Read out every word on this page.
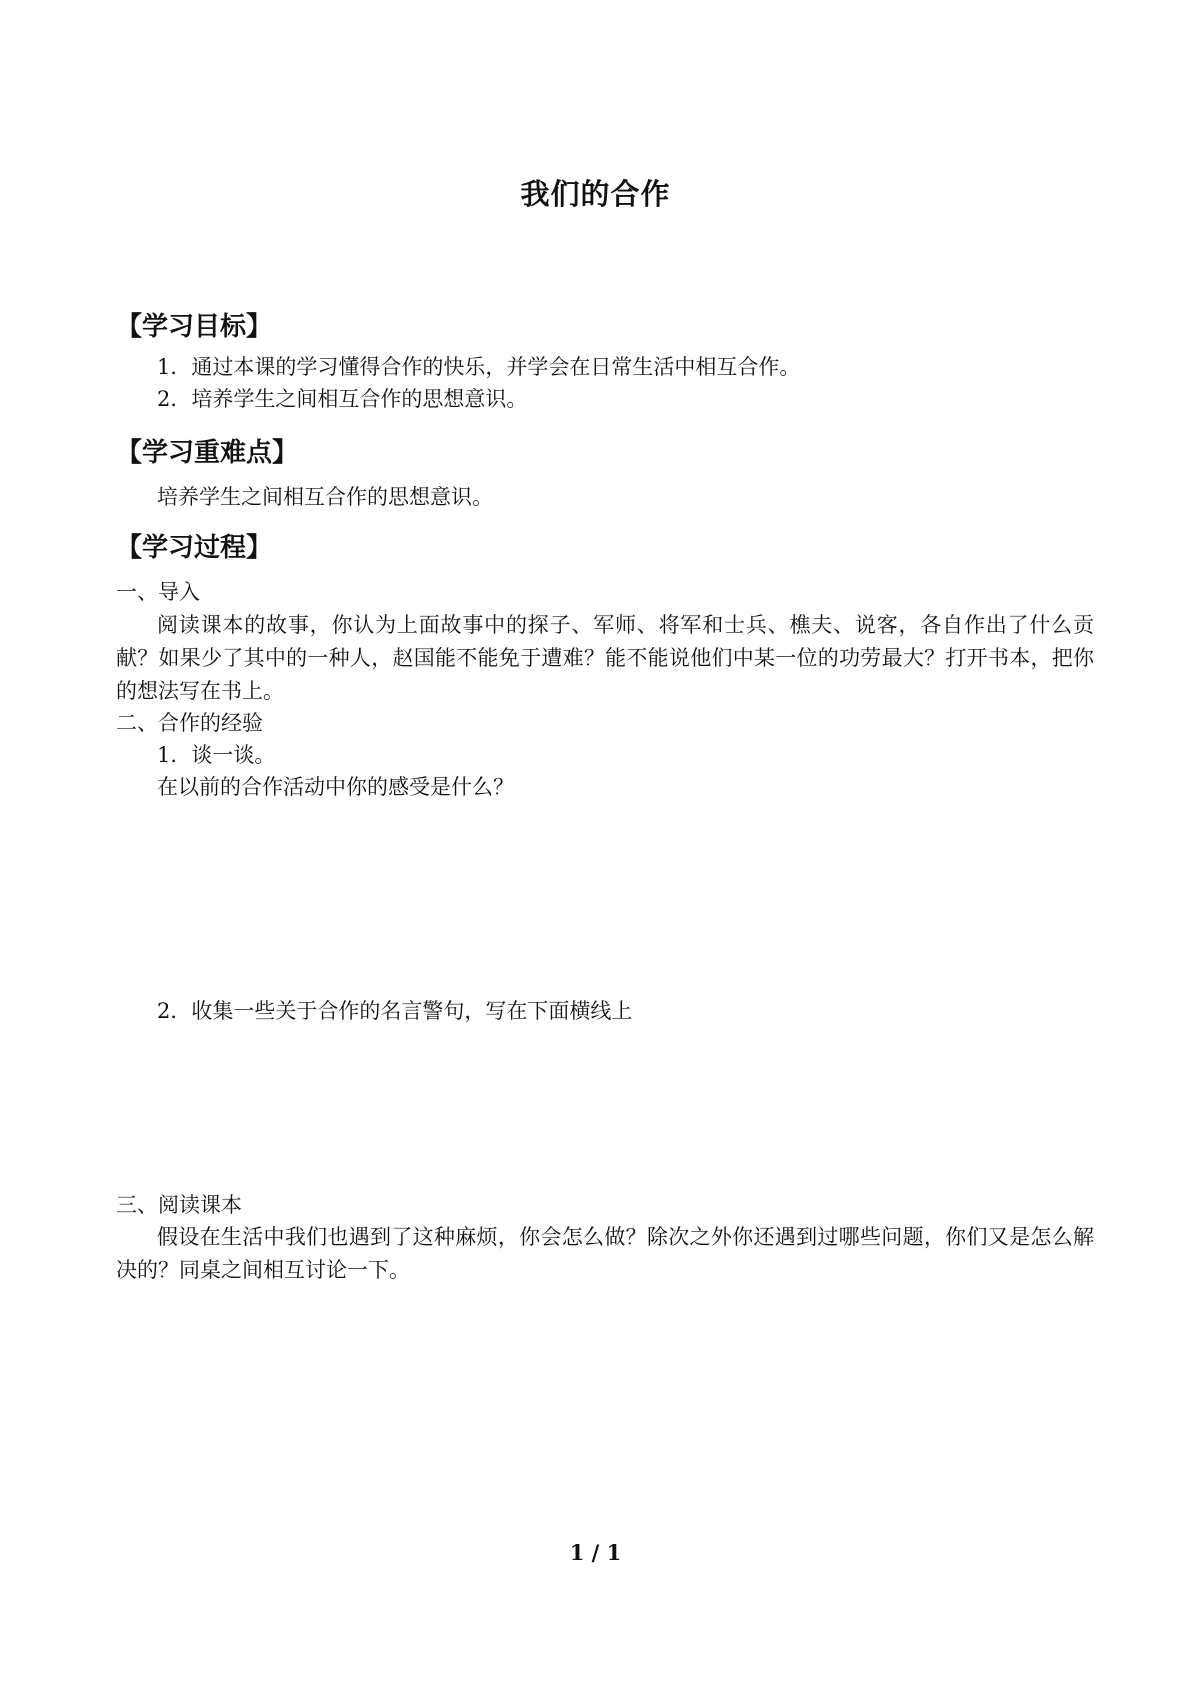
我们的合作
【学习目标】
1．通过本课的学习懂得合作的快乐，并学会在日常生活中相互合作。
2．培养学生之间相互合作的思想意识。
【学习重难点】
培养学生之间相互合作的思想意识。
【学习过程】
一、导入
阅读课本的故事，你认为上面故事中的探子、军师、将军和士兵、樵夫、说客，各自作出了什么贡献？如果少了其中的一种人，赵国能不能免于遭难？能不能说他们中某一位的功劳最大？打开书本，把你的想法写在书上。
二、合作的经验
1．谈一谈。
在以前的合作活动中你的感受是什么？
2．收集一些关于合作的名言警句，写在下面横线上
三、阅读课本
假设在生活中我们也遇到了这种麻烦，你会怎么做？除次之外你还遇到过哪些问题，你们又是怎么解决的？同桌之间相互讨论一下。
1 / 1
